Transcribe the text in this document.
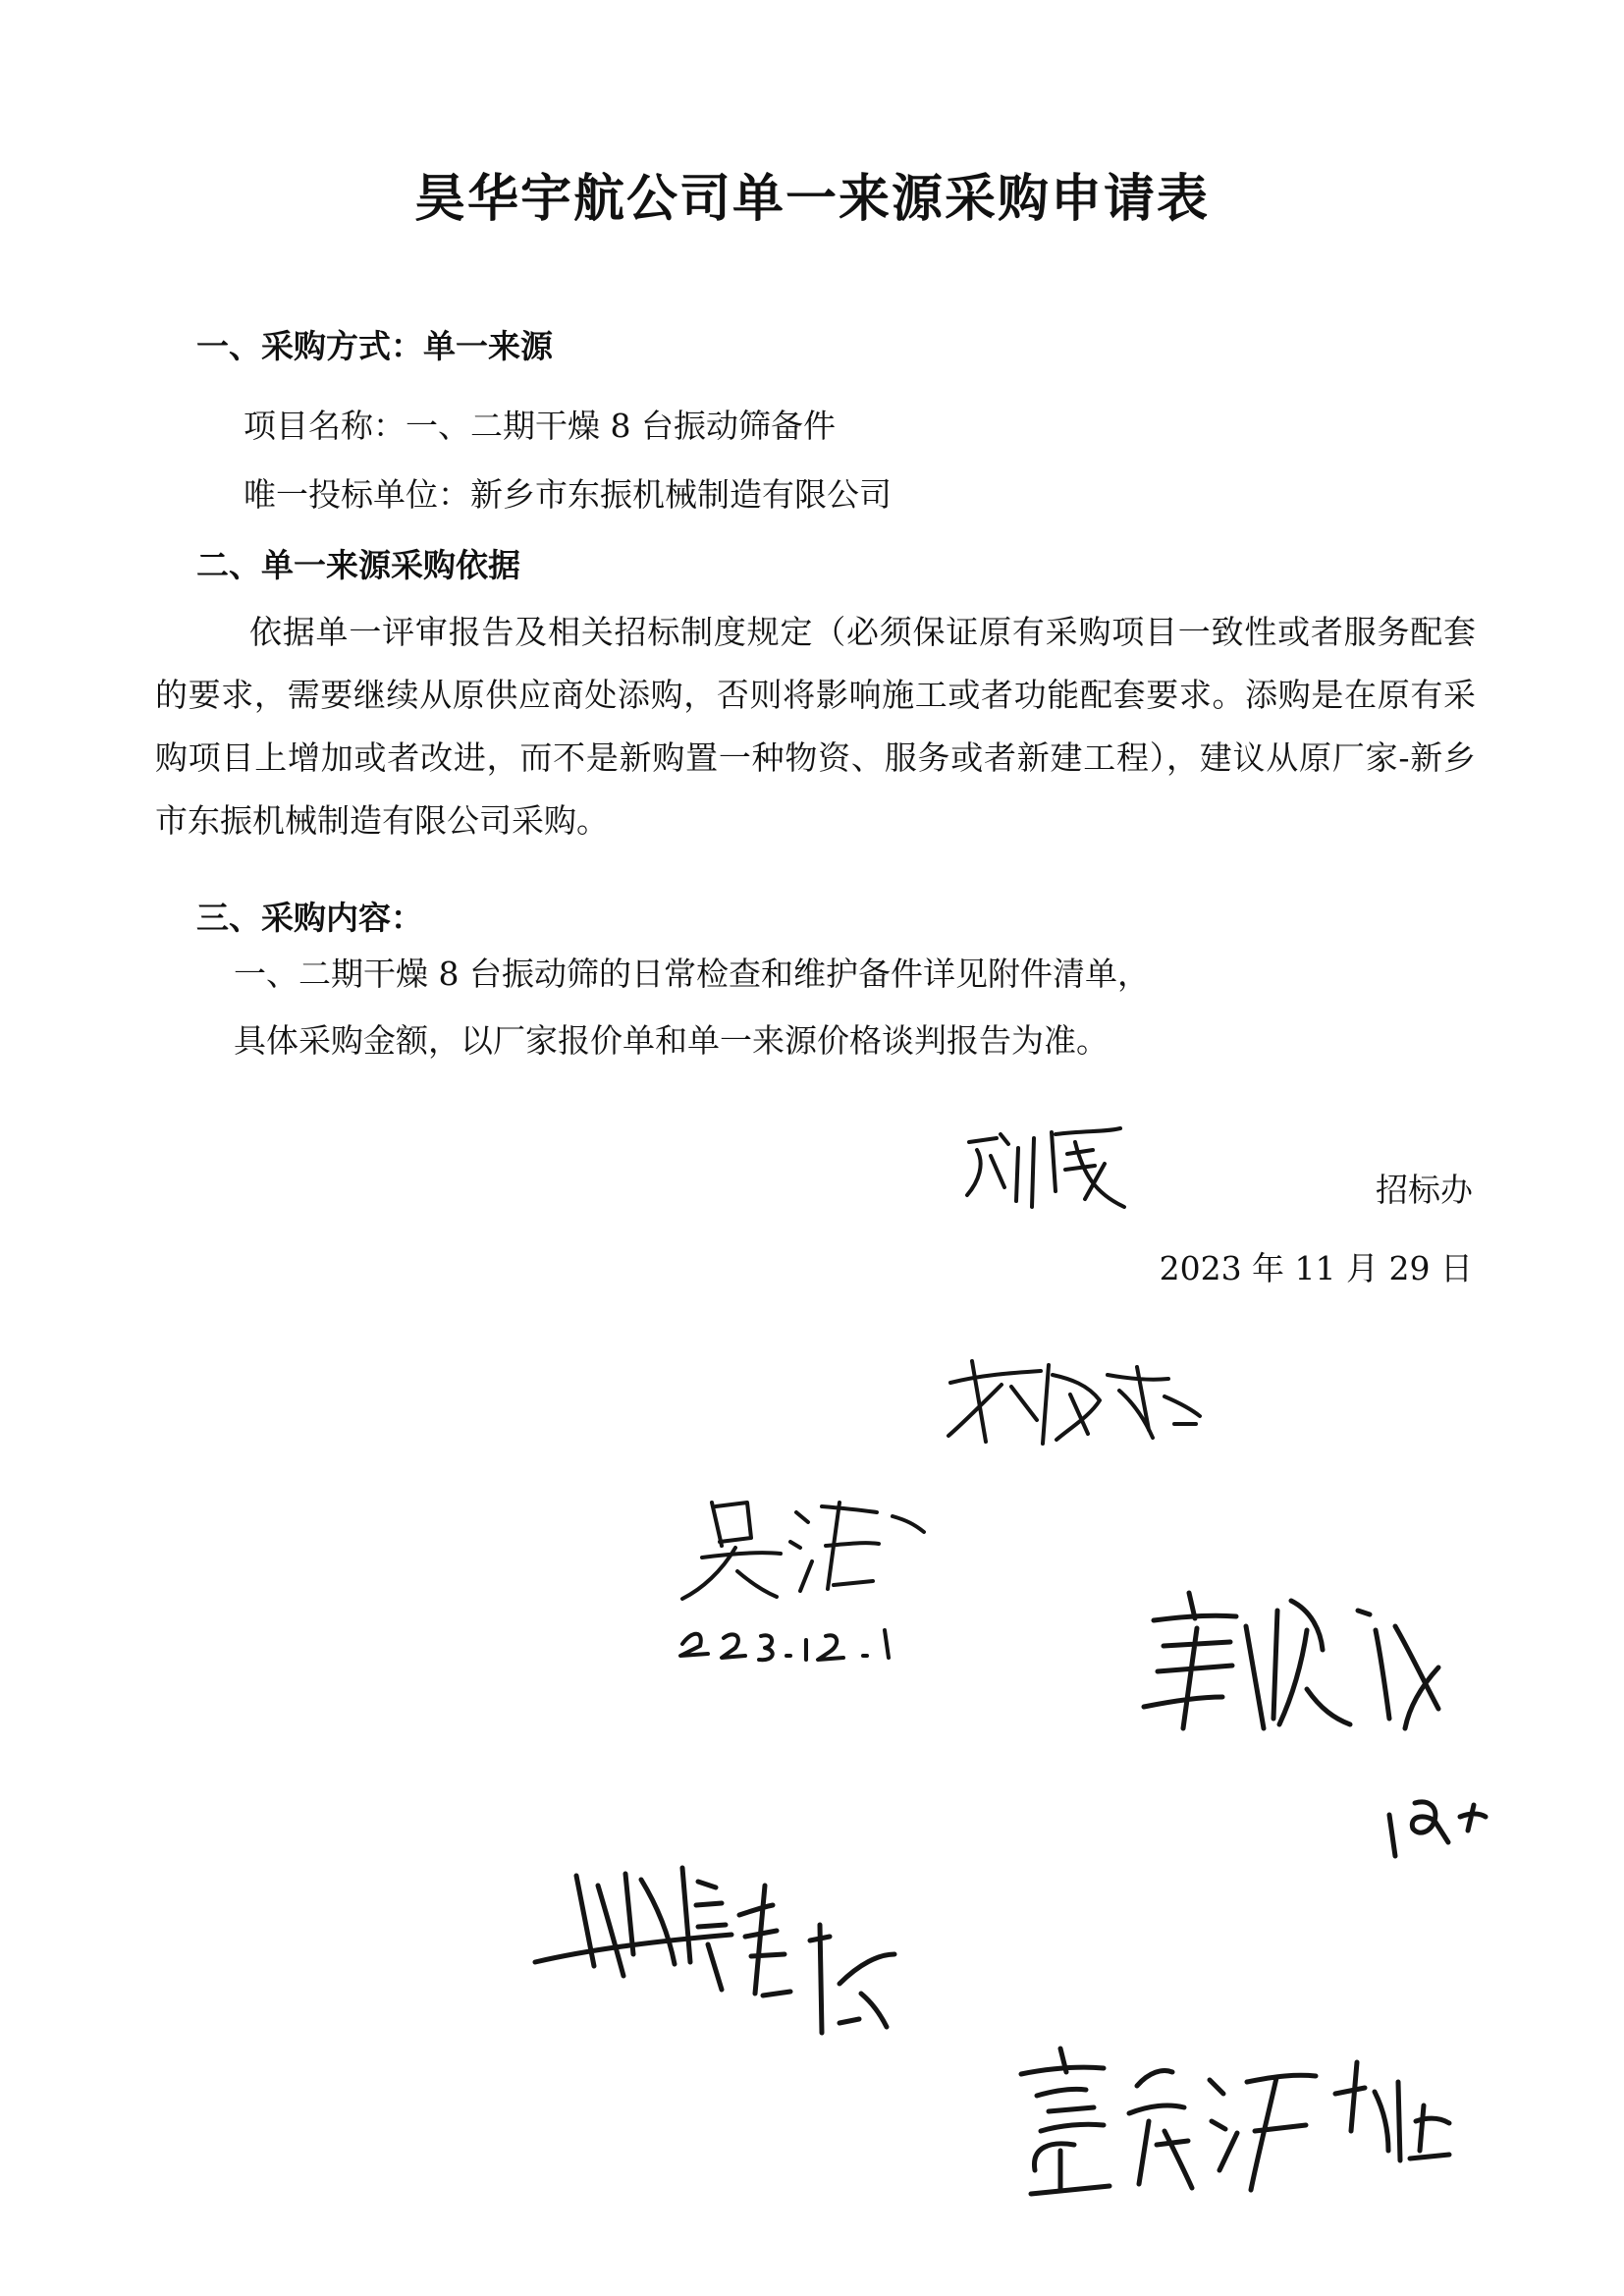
昊华宇航公司单一来源采购申请表
一、采购方式：单一来源
项目名称：一、二期干燥 8 台振动筛备件
唯一投标单位：新乡市东振机械制造有限公司
二、单一来源采购依据

依据单一评审报告及相关招标制度规定（必须保证原有采购项目一致性或者服务配套的要求，需要继续从原供应商处添购，否则将影响施工或者功能配套要求。添购是在原有采购项目上增加或者改进，而不是新购置一种物资、服务或者新建工程），建议从原厂家-新乡市东振机械制造有限公司采购。

三、采购内容：
一、二期干燥 8 台振动筛的日常检查和维护备件详见附件清单，
具体采购金额，以厂家报价单和单一来源价格谈判报告为准。
招标办
2023 年 11 月 29 日
